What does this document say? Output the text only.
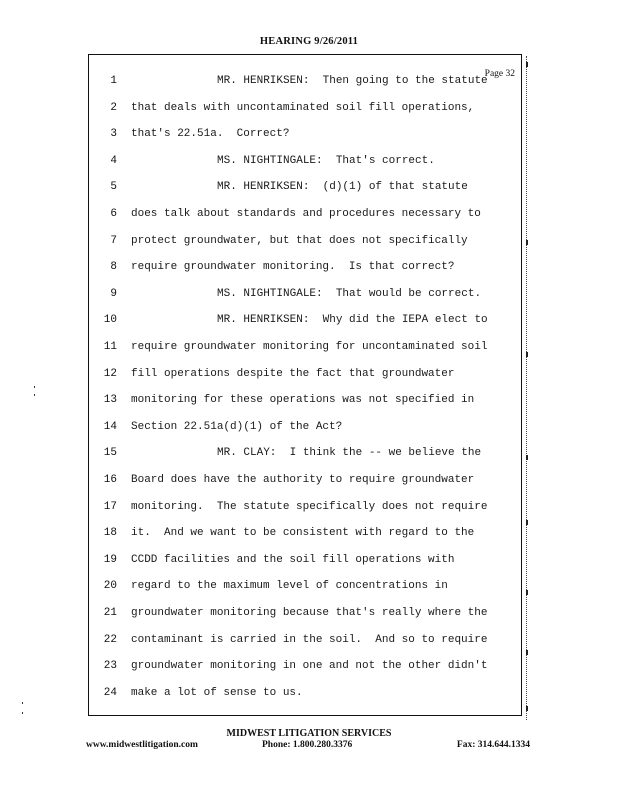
HEARING 9/26/2011
Page 32
1	MR. HENRIKSEN:  Then going to the statute
2 that deals with uncontaminated soil fill operations,
3 that's 22.51a.  Correct?
4	MS. NIGHTINGALE:  That's correct.
5	MR. HENRIKSEN:  (d)(1) of that statute
6 does talk about standards and procedures necessary to
7 protect groundwater, but that does not specifically
8 require groundwater monitoring.  Is that correct?
9	MS. NIGHTINGALE:  That would be correct.
10	MR. HENRIKSEN:  Why did the IEPA elect to
11 require groundwater monitoring for uncontaminated soil
12 fill operations despite the fact that groundwater
13 monitoring for these operations was not specified in
14 Section 22.51a(d)(1) of the Act?
15	MR. CLAY:  I think the -- we believe the
16 Board does have the authority to require groundwater
17 monitoring.  The statute specifically does not require
18 it.  And we want to be consistent with regard to the
19 CCDD facilities and the soil fill operations with
20 regard to the maximum level of concentrations in
21 groundwater monitoring because that's really where the
22 contaminant is carried in the soil.  And so to require
23 groundwater monitoring in one and not the other didn't
24 make a lot of sense to us.
MIDWEST LITIGATION SERVICES
www.midwestlitigation.com	Phone: 1.800.280.3376	Fax: 314.644.1334
